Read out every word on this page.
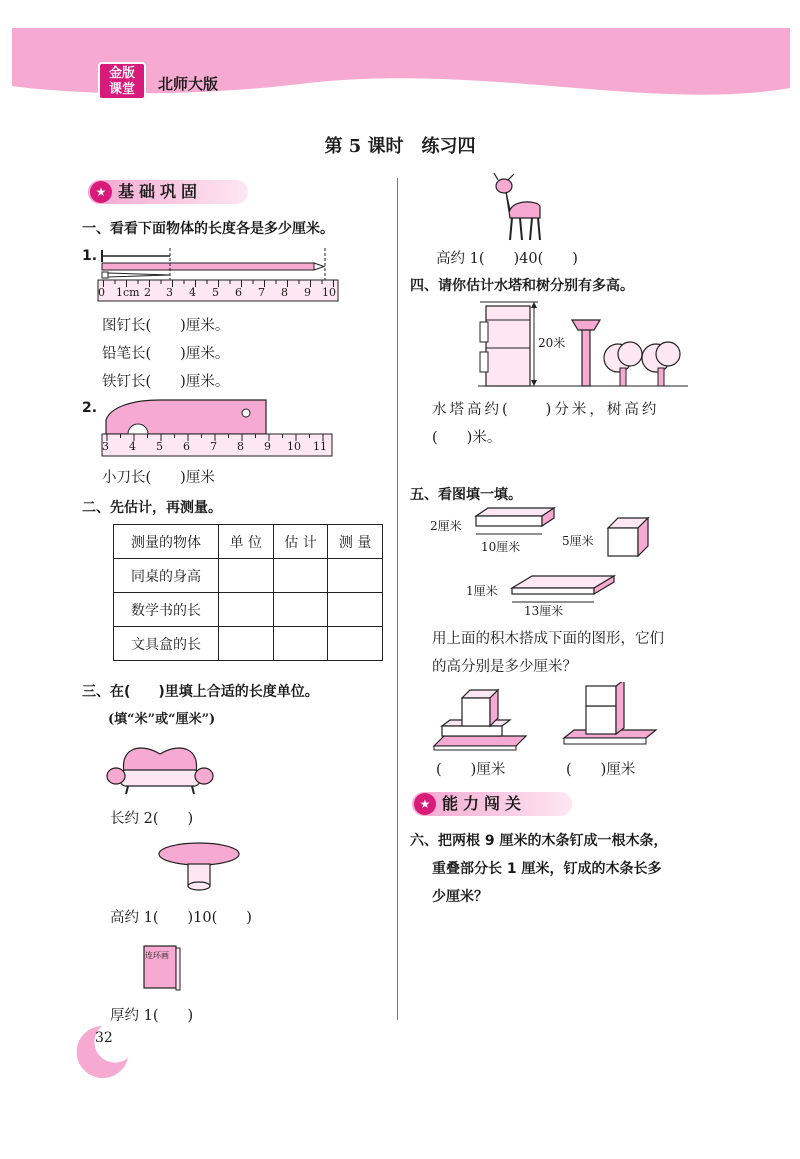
金版
课堂	北师大版
第 5 课时　练习四
★ 基础巩固
一、看看下面物体的长度各是多少厘米。
1.
0 1cm 2 3 4 5 6 7 8 9 10
图钉长(　　)厘米。
铅笔长(　　)厘米。
铁钉长(　　)厘米。
2.
3 4 5 6 7 8 9 10 11
小刀长(　　)厘米
二、先估计，再测量。
测量的物体	单 位	估 计	测 量
同桌的身高			
数学书的长			
文具盒的长			
三、在(　　)里填上合适的长度单位。
(填“米”或“厘米”)
长约 2(　　)
高约 1(　　)10(　　)
连环画
厚约 1(　　)
32
高约 1(　　)40(　　)
四、请你估计水塔和树分别有多高。
20米
水塔高约(　　)分米，树高约
(　　)米。
五、看图填一填。
2厘米
10厘米	5厘米
1厘米
13厘米
用上面的积木搭成下面的图形，它们
的高分别是多少厘米？
(　　)厘米	(　　)厘米
★ 能力闯关
六、把两根 9 厘米的木条钉成一根木条，
重叠部分长 1 厘米，钉成的木条长多
少厘米？
